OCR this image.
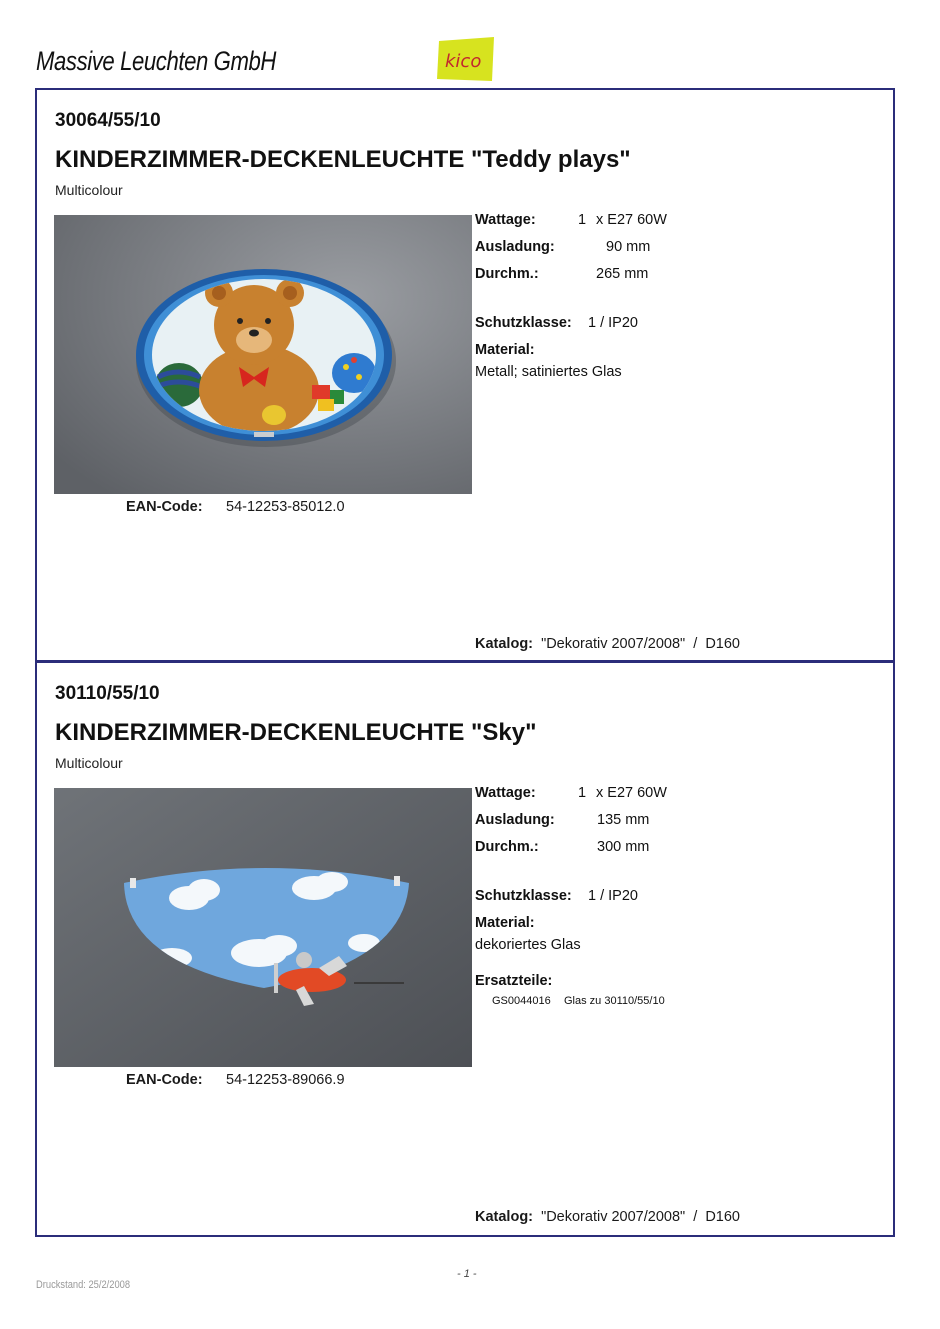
Massive Leuchten GmbH	kico
30064/55/10
KINDERZIMMER-DECKENLEUCHTE "Teddy plays"
Multicolour
Wattage:	1 x E27 60W
Ausladung:	90 mm
Durchm.:	265 mm
Schutzklasse: 1 / IP20
Material:
Metall; satiniertes Glas
EAN-Code: 54-12253-85012.0
Katalog: "Dekorativ 2007/2008"  /  D160
30110/55/10
KINDERZIMMER-DECKENLEUCHTE "Sky"
Multicolour
Wattage:	1 x E27 60W
Ausladung:	135 mm
Durchm.:	300 mm
Schutzklasse: 1 / IP20
Material:
dekoriertes Glas
Ersatzteile:
GS0044016 Glas zu 30110/55/10
EAN-Code: 54-12253-89066.9
Katalog: "Dekorativ 2007/2008"  /  D160
- 1 -
Druckstand: 25/2/2008
